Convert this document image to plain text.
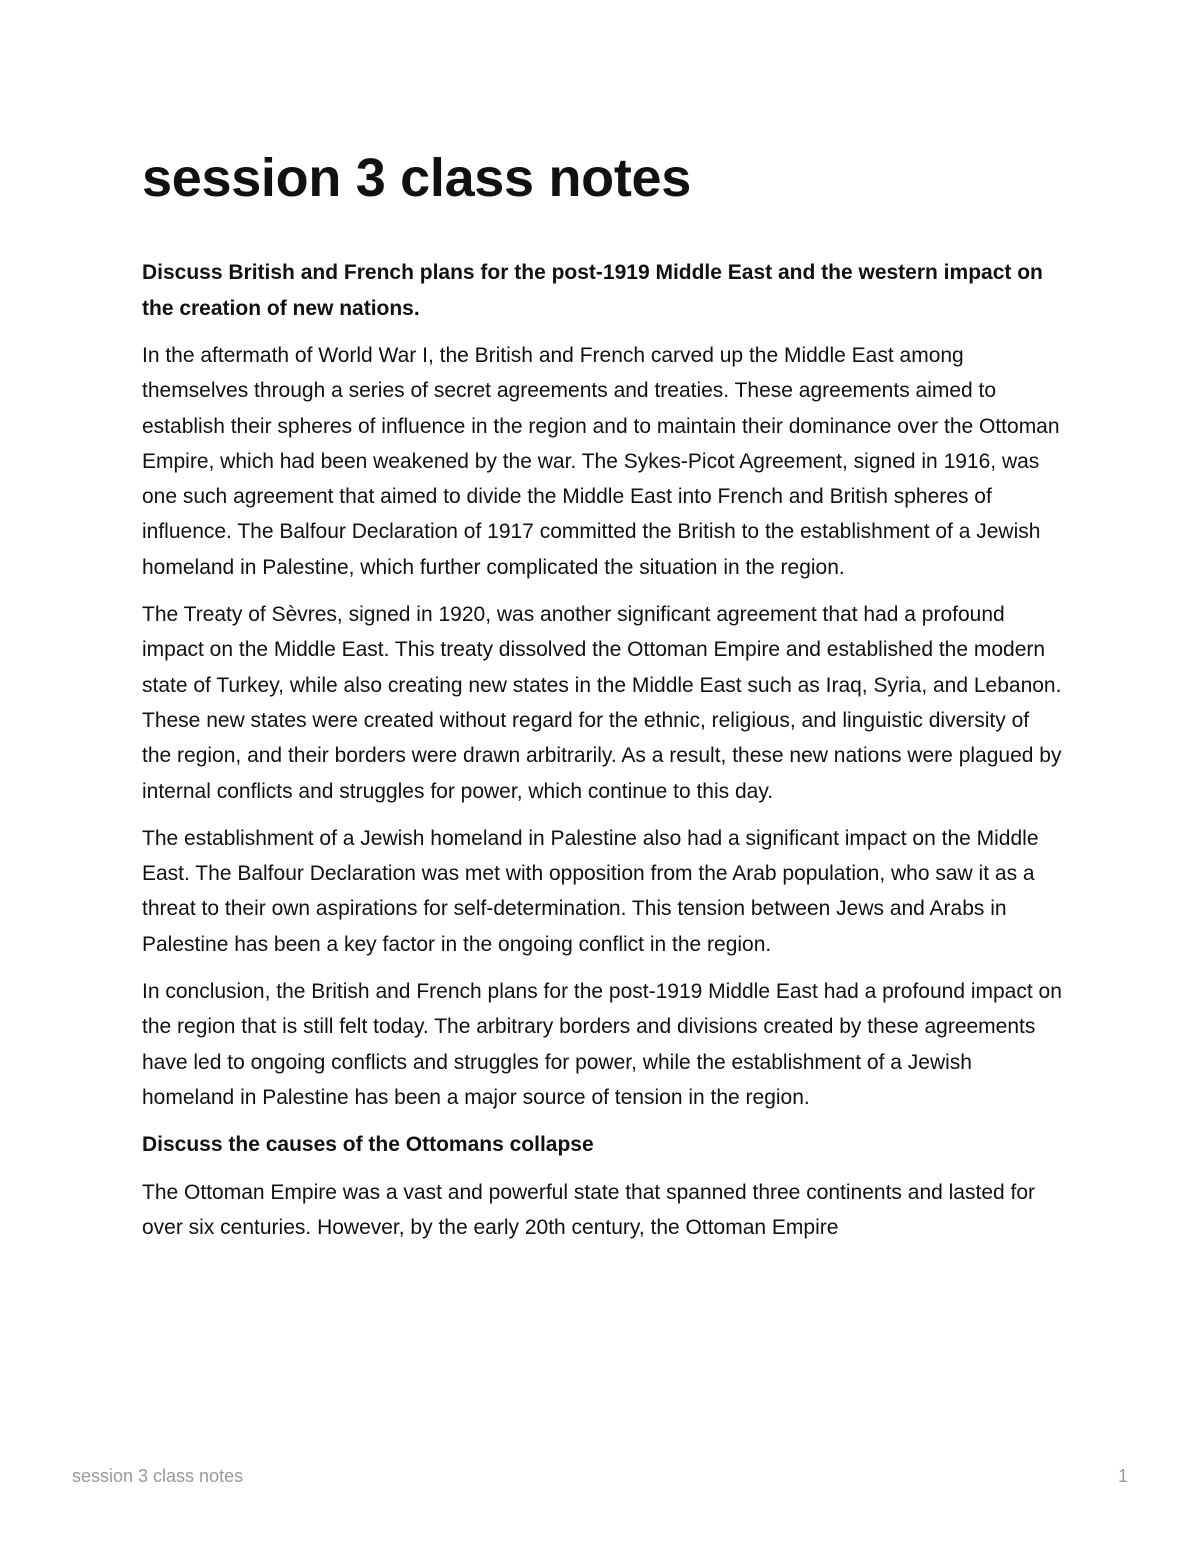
session 3 class notes

Discuss British and French plans for the post-1919 Middle East and the western impact on the creation of new nations.

In the aftermath of World War I, the British and French carved up the Middle East among themselves through a series of secret agreements and treaties. These agreements aimed to establish their spheres of influence in the region and to maintain their dominance over the Ottoman Empire, which had been weakened by the war. The Sykes-Picot Agreement, signed in 1916, was one such agreement that aimed to divide the Middle East into French and British spheres of influence. The Balfour Declaration of 1917 committed the British to the establishment of a Jewish homeland in Palestine, which further complicated the situation in the region.

The Treaty of Sèvres, signed in 1920, was another significant agreement that had a profound impact on the Middle East. This treaty dissolved the Ottoman Empire and established the modern state of Turkey, while also creating new states in the Middle East such as Iraq, Syria, and Lebanon. These new states were created without regard for the ethnic, religious, and linguistic diversity of the region, and their borders were drawn arbitrarily. As a result, these new nations were plagued by internal conflicts and struggles for power, which continue to this day.

The establishment of a Jewish homeland in Palestine also had a significant impact on the Middle East. The Balfour Declaration was met with opposition from the Arab population, who saw it as a threat to their own aspirations for self-determination. This tension between Jews and Arabs in Palestine has been a key factor in the ongoing conflict in the region.

In conclusion, the British and French plans for the post-1919 Middle East had a profound impact on the region that is still felt today. The arbitrary borders and divisions created by these agreements have led to ongoing conflicts and struggles for power, while the establishment of a Jewish homeland in Palestine has been a major source of tension in the region.

Discuss the causes of the Ottomans collapse

The Ottoman Empire was a vast and powerful state that spanned three continents and lasted for over six centuries. However, by the early 20th century, the Ottoman Empire

session 3 class notes	1
